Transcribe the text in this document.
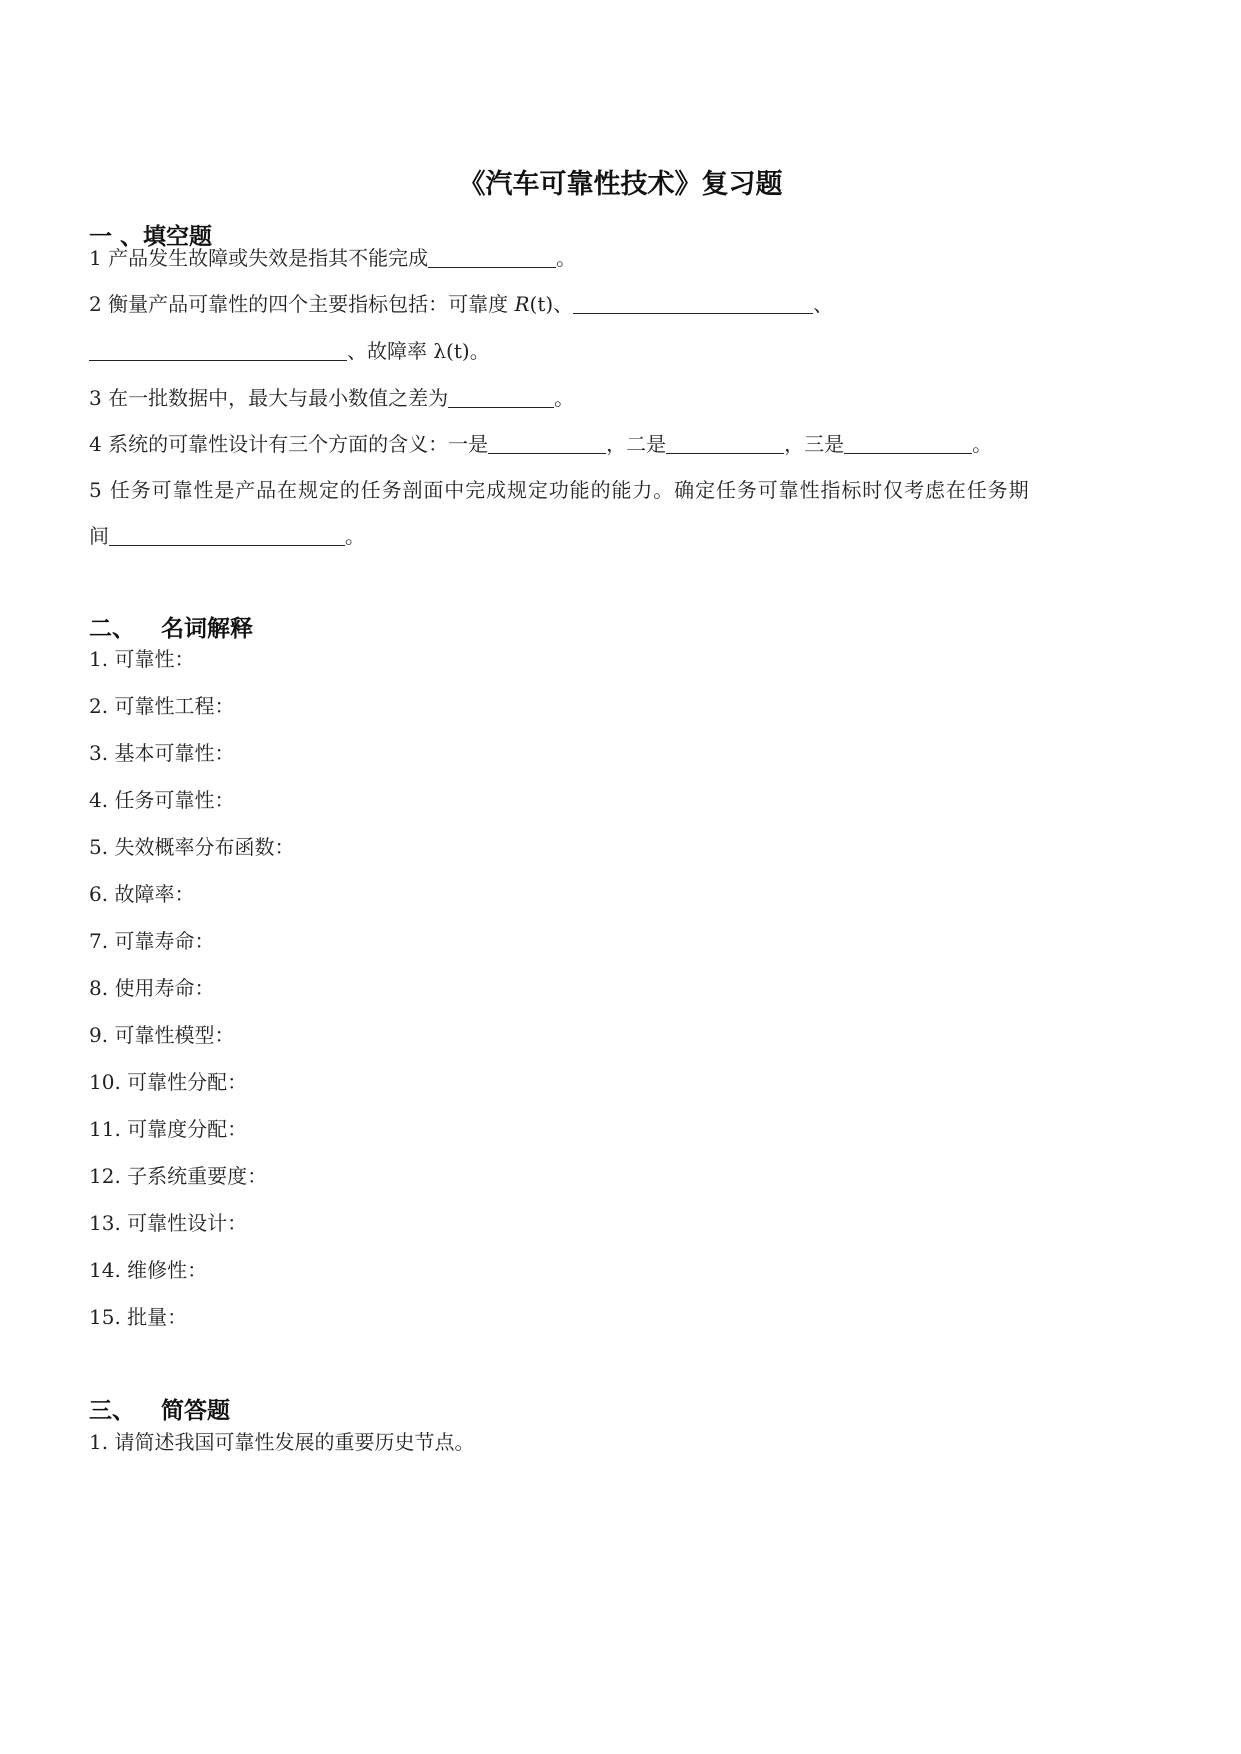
《汽车可靠性技术》复习题
一 、填空题

1 产品发生故障或失效是指其不能完成	。

2 衡量产品可靠性的四个主要指标包括：可靠度 R(t)、	、

、故障率 λ(t)。

3 在一批数据中，最大与最小数值之差为	。

4 系统的可靠性设计有三个方面的含义：一是	，二是	，三是	。

5 任务可靠性是产品在规定的任务剖面中完成规定功能的能力。确定任务可靠性指标时仅考虑在任务期

间	。

二、 名词解释

1. 可靠性：

2. 可靠性工程：

3. 基本可靠性：

4. 任务可靠性：

5. 失效概率分布函数：

6. 故障率：

7. 可靠寿命：

8. 使用寿命：

9. 可靠性模型：

10. 可靠性分配：

11. 可靠度分配：

12. 子系统重要度：

13. 可靠性设计：

14. 维修性：

15. 批量：

三、 简答题

1. 请简述我国可靠性发展的重要历史节点。
